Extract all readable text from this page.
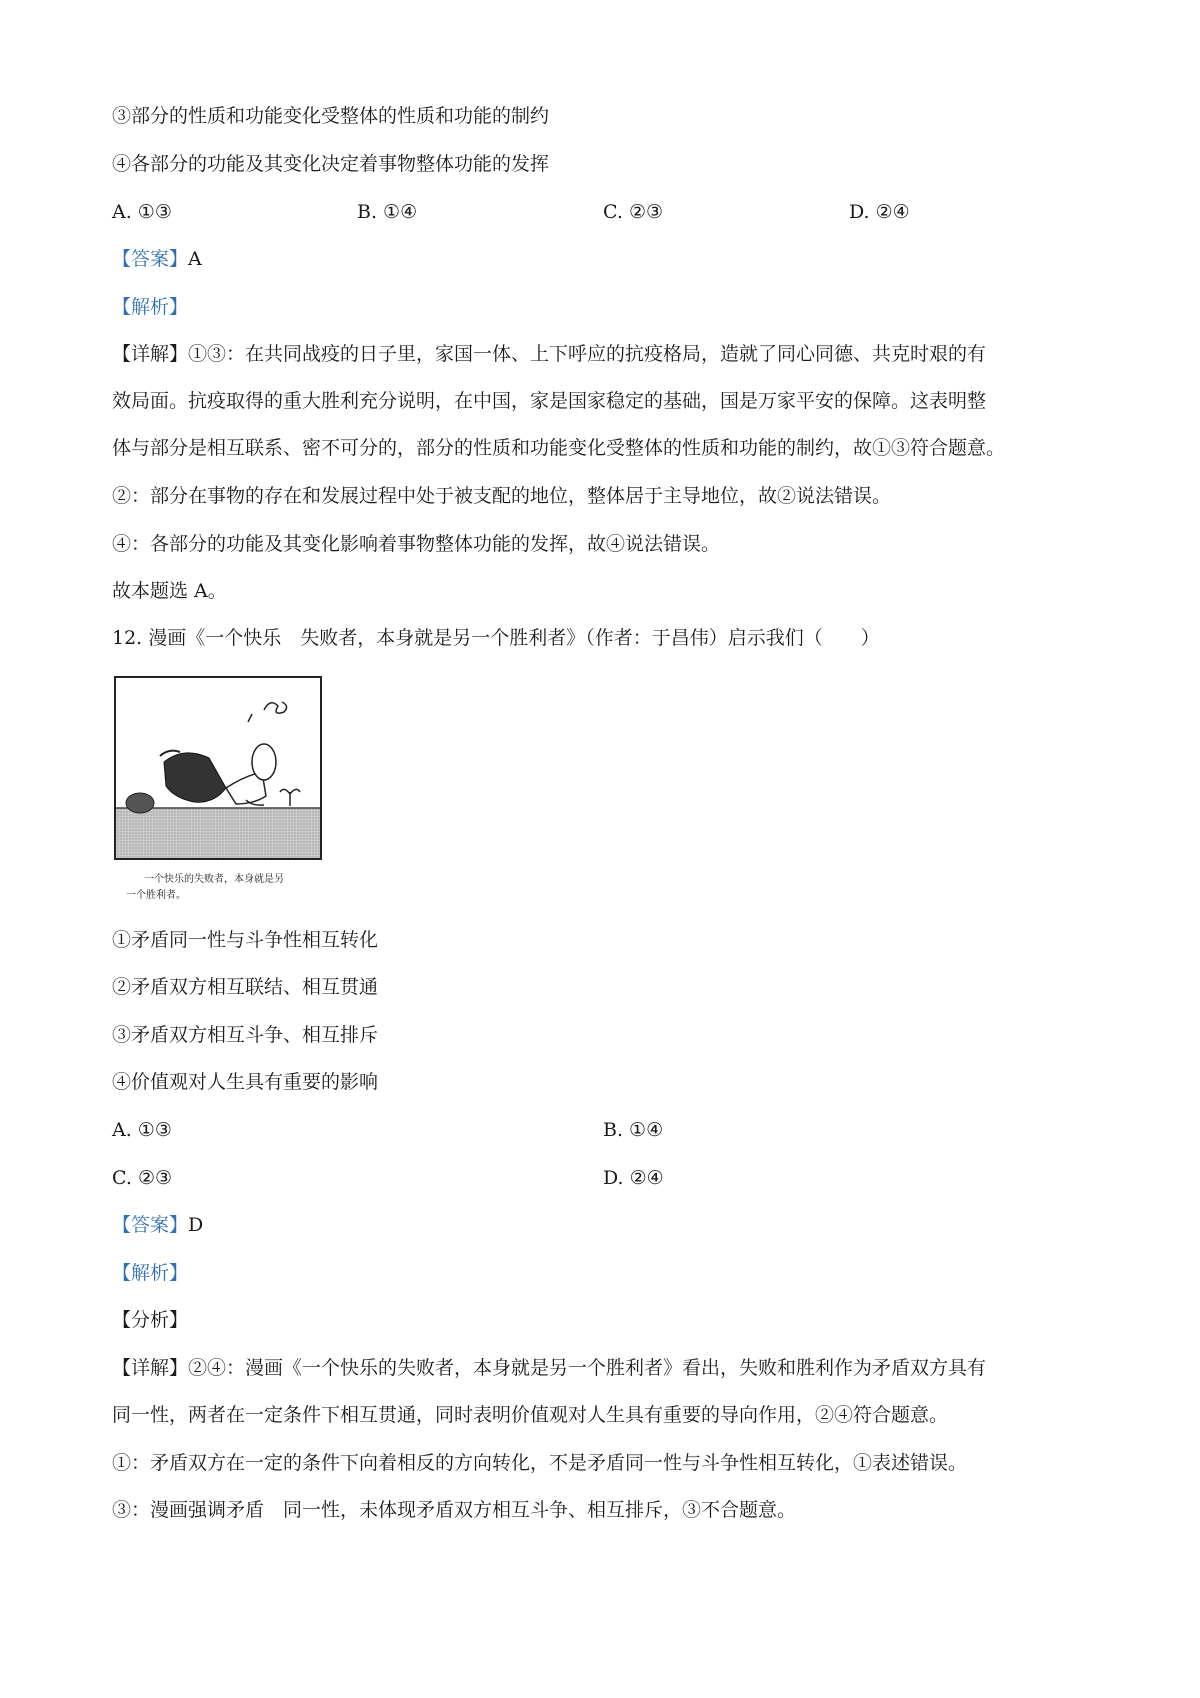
③部分的性质和功能变化受整体的性质和功能的制约
④各部分的功能及其变化决定着事物整体功能的发挥
A. ①③	B. ①④	C. ②③	D. ②④
【答案】A
【解析】
【详解】①③：在共同战疫的日子里，家国一体、上下呼应的抗疫格局，造就了同心同德、共克时艰的有
效局面。抗疫取得的重大胜利充分说明，在中国，家是国家稳定的基础，国是万家平安的保障。这表明整
体与部分是相互联系、密不可分的，部分的性质和功能变化受整体的性质和功能的制约，故①③符合题意。
②：部分在事物的存在和发展过程中处于被支配的地位，整体居于主导地位，故②说法错误。
④：各部分的功能及其变化影响着事物整体功能的发挥，故④说法错误。
故本题选 A。
12. 漫画《一个快乐　失败者，本身就是另一个胜利者》（作者：于昌伟）启示我们（　　）
一个快乐的失败者，本身就是另
一个胜利者。
①矛盾同一性与斗争性相互转化
②矛盾双方相互联结、相互贯通
③矛盾双方相互斗争、相互排斥
④价值观对人生具有重要的影响
A. ①③	B. ①④
C. ②③	D. ②④
【答案】D
【解析】
【分析】
【详解】②④：漫画《一个快乐的失败者，本身就是另一个胜利者》看出，失败和胜利作为矛盾双方具有
同一性，两者在一定条件下相互贯通，同时表明价值观对人生具有重要的导向作用，②④符合题意。
①：矛盾双方在一定的条件下向着相反的方向转化，不是矛盾同一性与斗争性相互转化，①表述错误。
③：漫画强调矛盾　同一性，未体现矛盾双方相互斗争、相互排斥，③不合题意。
